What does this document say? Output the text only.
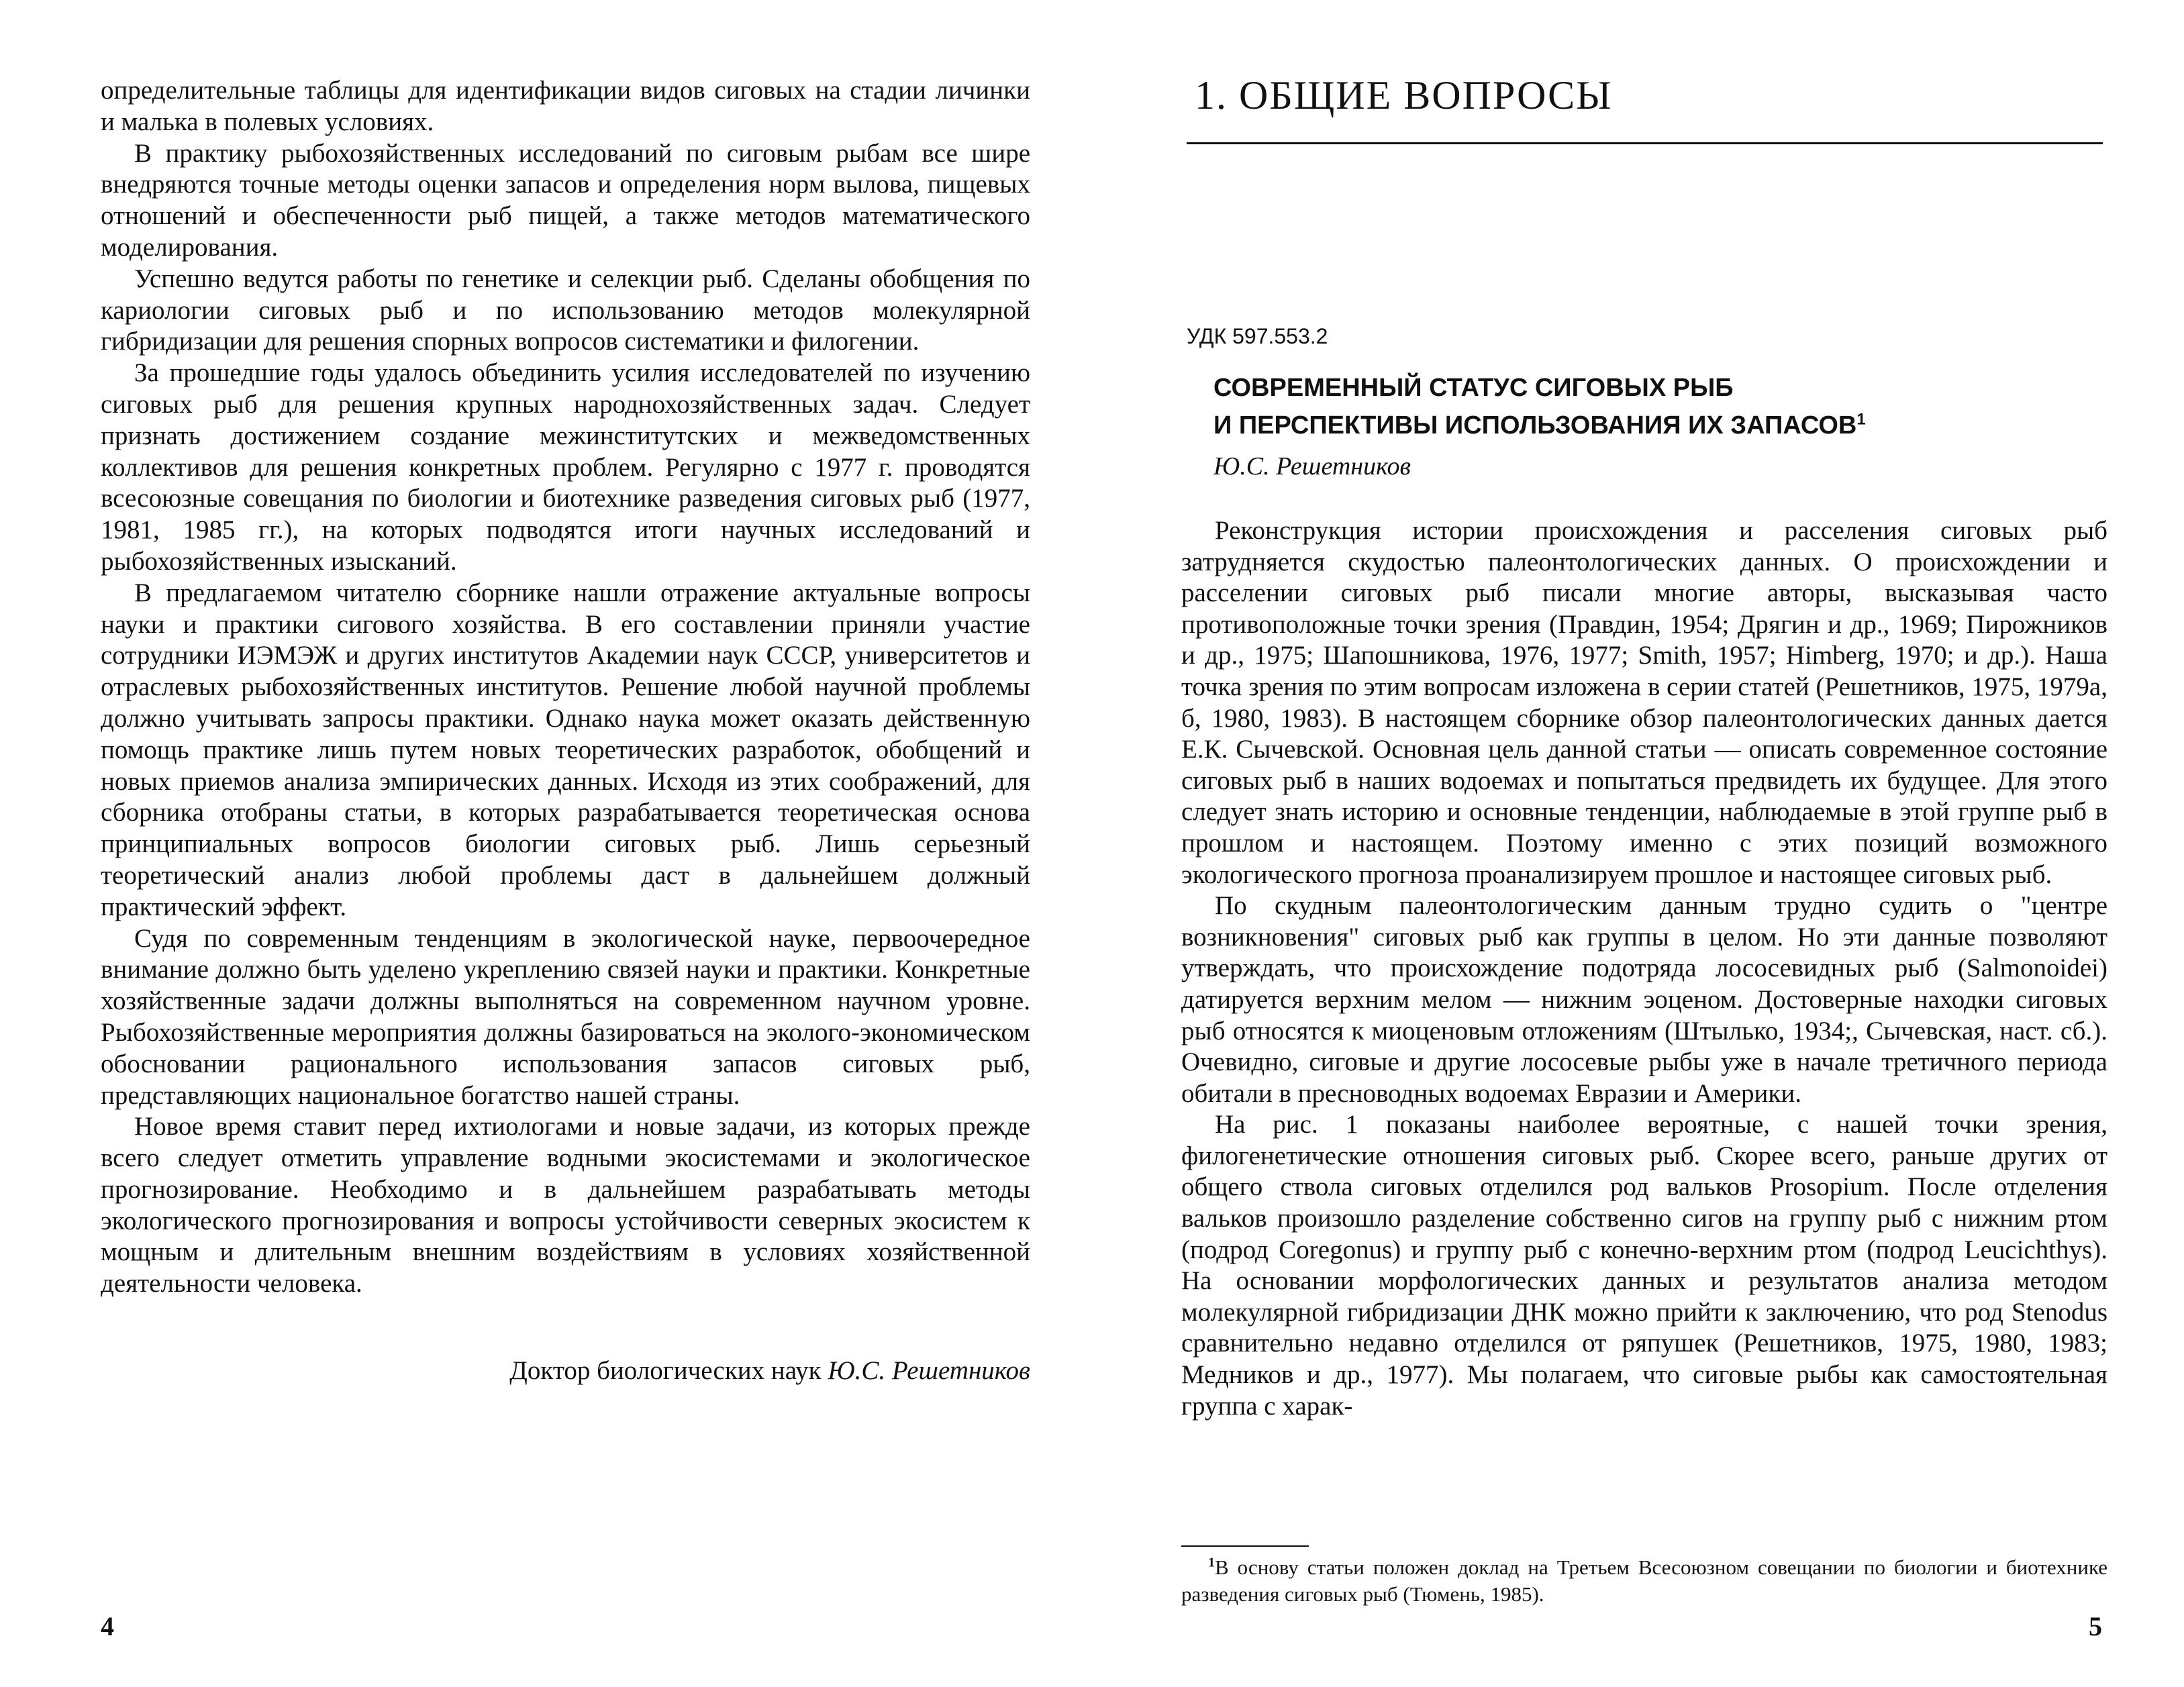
определительные таблицы для идентификации видов сиговых на стадии личинки и малька в полевых условиях.

В практику рыбохозяйственных исследований по сиговым рыбам все шире внедряются точные методы оценки запасов и определения норм вылова, пищевых отношений и обеспеченности рыб пищей, а также методов математического моделирования.

Успешно ведутся работы по генетике и селекции рыб. Сделаны обобщения по кариологии сиговых рыб и по использованию методов молекулярной гибридизации для решения спорных вопросов систематики и филогении.

За прошедшие годы удалось объединить усилия исследователей по изучению сиговых рыб для решения крупных народнохозяйственных задач. Следует признать достижением создание межинститутских и межведомственных коллективов для решения конкретных проблем. Регулярно с 1977 г. проводятся всесоюзные совещания по биологии и биотехнике разведения сиговых рыб (1977, 1981, 1985 гг.), на которых подводятся итоги научных исследований и рыбохозяйственных изысканий.

В предлагаемом читателю сборнике нашли отражение актуальные вопросы науки и практики сигового хозяйства. В его составлении приняли участие сотрудники ИЭМЭЖ и других институтов Академии наук СССР, университетов и отраслевых рыбохозяйственных институтов. Решение любой научной проблемы должно учитывать запросы практики. Однако наука может оказать действенную помощь практике лишь путем новых теоретических разработок, обобщений и новых приемов анализа эмпирических данных. Исходя из этих соображений, для сборника отобраны статьи, в которых разрабатывается теоретическая основа принципиальных вопросов биологии сиговых рыб. Лишь серьезный теоретический анализ любой проблемы даст в дальнейшем должный практический эффект.

Судя по современным тенденциям в экологической науке, первоочередное внимание должно быть уделено укреплению связей науки и практики. Конкретные хозяйственные задачи должны выполняться на современном научном уровне. Рыбохозяйственные мероприятия должны базироваться на эколого-экономическом обосновании рационального использования запасов сиговых рыб, представляющих национальное богатство нашей страны.

Новое время ставит перед ихтиологами и новые задачи, из которых прежде всего следует отметить управление водными экосистемами и экологическое прогнозирование. Необходимо и в дальнейшем разрабатывать методы экологического прогнозирования и вопросы устойчивости северных экосистем к мощным и длительным внешним воздействиям в условиях хозяйственной деятельности человека.

Доктор биологических наук Ю.С. Решетников
4
1. ОБЩИЕ ВОПРОСЫ
УДК 597.553.2
СОВРЕМЕННЫЙ СТАТУС СИГОВЫХ РЫБ
И ПЕРСПЕКТИВЫ ИСПОЛЬЗОВАНИЯ ИХ ЗАПАСОВ$^1$
Ю.С. Решетников

Реконструкция истории происхождения и расселения сиговых рыб затрудняется скудостью палеонтологических данных. О происхождении и расселении сиговых рыб писали многие авторы, высказывая часто противоположные точки зрения (Правдин, 1954; Дрягин и др., 1969; Пирожников и др., 1975; Шапошникова, 1976, 1977; Smith, 1957; Himberg, 1970; и др.). Наша точка зрения по этим вопросам изложена в серии статей (Решетников, 1975, 1979а, б, 1980, 1983). В настоящем сборнике обзор палеонтологических данных дается Е.К. Сычевской. Основная цель данной статьи — описать современное состояние сиговых рыб в наших водоемах и попытаться предвидеть их будущее. Для этого следует знать историю и основные тенденции, наблюдаемые в этой группе рыб в прошлом и настоящем. Поэтому именно с этих позиций возможного экологического прогноза проанализируем прошлое и настоящее сиговых рыб.

По скудным палеонтологическим данным трудно судить о "центре возникновения" сиговых рыб как группы в целом. Но эти данные позволяют утверждать, что происхождение подотряда лососевидных рыб (Salmonoidei) датируется верхним мелом — нижним эоценом. Достоверные находки сиговых рыб относятся к миоценовым отложениям (Штылько, 1934;, Сычевская, наст. сб.). Очевидно, сиговые и другие лососевые рыбы уже в начале третичного периода обитали в пресноводных водоемах Евразии и Америки.

На рис. 1 показаны наиболее вероятные, с нашей точки зрения, филогенетические отношения сиговых рыб. Скорее всего, раньше других от общего ствола сиговых отделился род вальков Prosopium. После отделения вальков произошло разделение собственно сигов на группу рыб с нижним ртом (подрод Coregonus) и группу рыб с конечно-верхним ртом (подрод Leucichthys). На основании морфологических данных и результатов анализа методом молекулярной гибридизации ДНК можно прийти к заключению, что род Stenodus сравнительно недавно отделился от ряпушек (Решетников, 1975, 1980, 1983; Медников и др., 1977). Мы полагаем, что сиговые рыбы как самостоятельная группа с харак-

$^1$В основу статьи положен доклад на Третьем Всесоюзном совещании по биологии и биотехнике разведения сиговых рыб (Тюмень, 1985).

5
